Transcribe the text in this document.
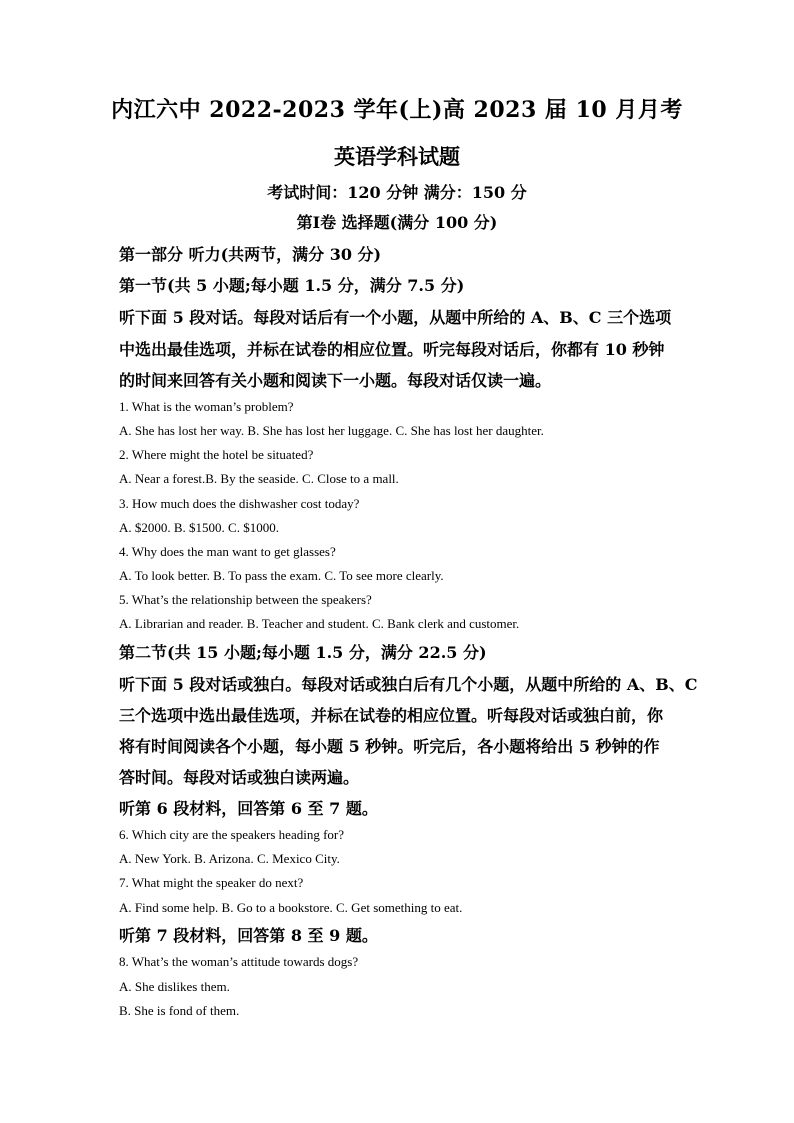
内江六中 2022-2023 学年(上)高 2023 届 10 月月考
英语学科试题
考试时间：120 分钟 满分：150 分
第Ⅰ卷 选择题(满分 100 分)
第一部分 听力(共两节，满分 30 分)
第一节(共 5 小题;每小题 1.5 分，满分 7.5 分)
听下面 5 段对话。每段对话后有一个小题，从题中所给的 A、B、C 三个选项
中选出最佳选项，并标在试卷的相应位置。听完每段对话后，你都有 10 秒钟
的时间来回答有关小题和阅读下一小题。每段对话仅读一遍。
1. What is the woman’s problem?
A. She has lost her way. B. She has lost her luggage. C. She has lost her daughter.
2. Where might the hotel be situated?
A. Near a forest.B. By the seaside. C. Close to a mall.
3. How much does the dishwasher cost today?
A. $2000. B. $1500. C. $1000.
4. Why does the man want to get glasses?
A. To look better. B. To pass the exam. C. To see more clearly.
5. What’s the relationship between the speakers?
A. Librarian and reader. B. Teacher and student. C. Bank clerk and customer.
第二节(共 15 小题;每小题 1.5 分，满分 22.5 分)
听下面 5 段对话或独白。每段对话或独白后有几个小题，从题中所给的 A、B、C
三个选项中选出最佳选项，并标在试卷的相应位置。听每段对话或独白前，你
将有时间阅读各个小题，每小题 5 秒钟。听完后，各小题将给出 5 秒钟的作
答时间。每段对话或独白读两遍。
听第 6 段材料，回答第 6 至 7 题。
6. Which city are the speakers heading for?
A. New York. B. Arizona. C. Mexico City.
7. What might the speaker do next?
A. Find some help. B. Go to a bookstore. C. Get something to eat.
听第 7 段材料，回答第 8 至 9 题。
8. What’s the woman’s attitude towards dogs?
A. She dislikes them.
B. She is fond of them.
